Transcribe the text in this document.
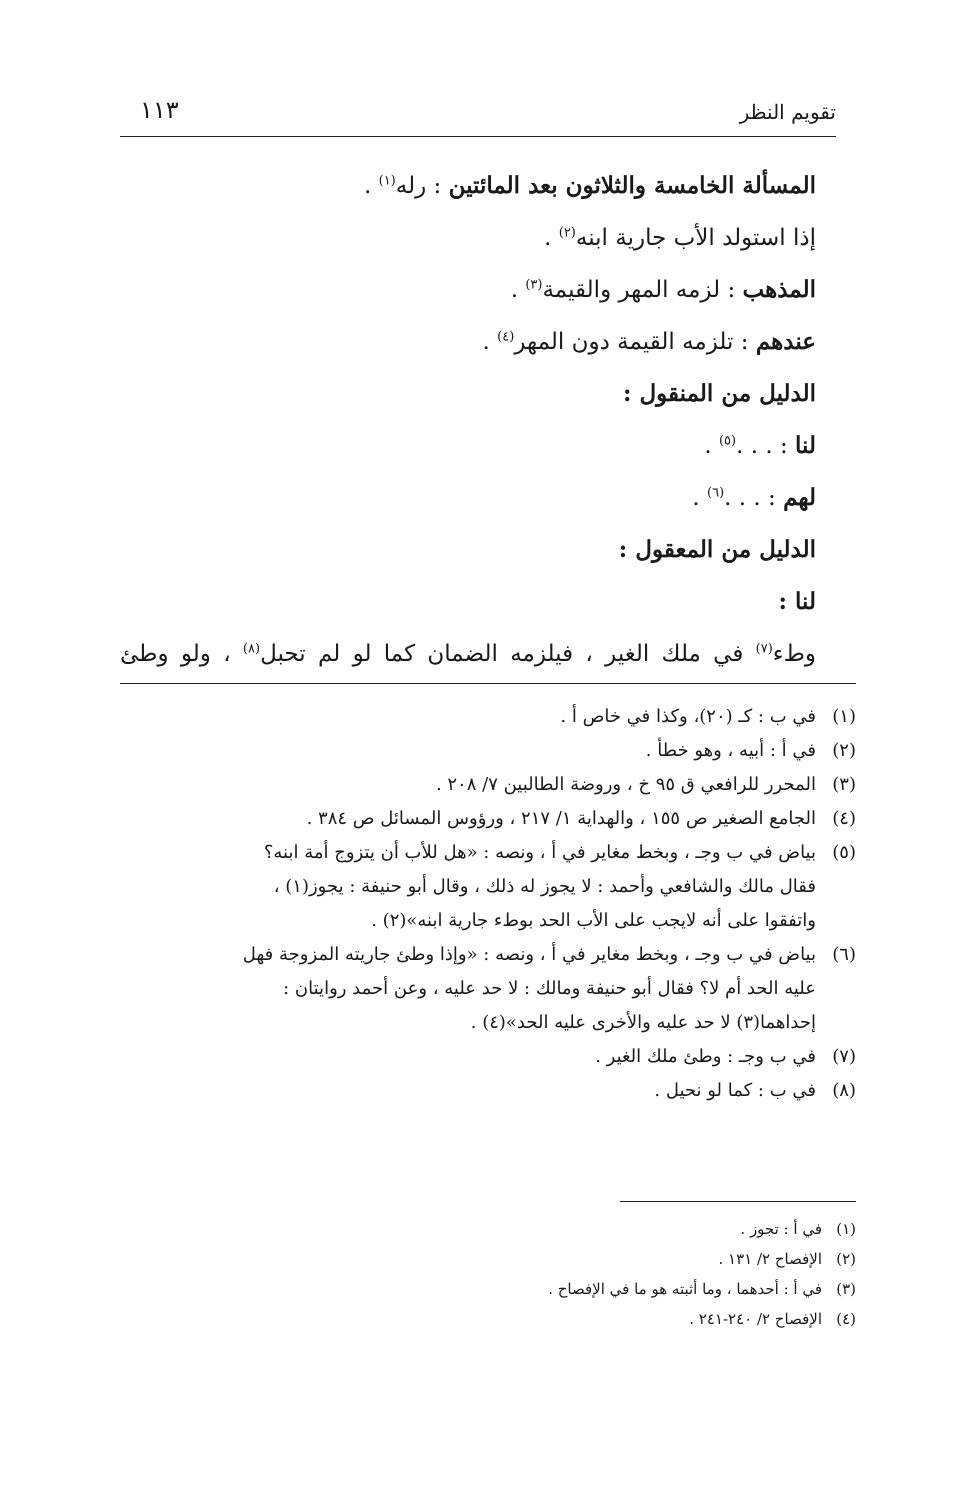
تقويم النظر
١١٣
المسألة الخامسة والثلاثون بعد المائتين : رله$^{(١)}$ .
إذا استولد الأب جارية ابنه$^{(٢)}$ .
المذهب : لزمه المهر والقيمة$^{(٣)}$ .
عندهم : تلزمه القيمة دون المهر$^{(٤)}$ .
الدليل من المنقول :
لنا : . . .$^{(٥)}$ .
لهم : . . .$^{(٦)}$ .
الدليل من المعقول :
لنا :
وطء$^{(٧)}$ في ملك الغير ، فيلزمه الضمان كما لو لم تحبل$^{(٨)}$ ، ولو وطئ
(١)
في ب : كـ (٢٠)، وكذا في خاص أ .
(٢)
في أ : أبيه ، وهو خطأ .
(٣)
المحرر للرافعي ق ٩٥ خ ، وروضة الطالبين ٧/ ٢٠٨ .
(٤)
الجامع الصغير ص ١٥٥ ، والهداية ١/ ٢١٧ ، ورؤوس المسائل ص ٣٨٤ .
(٥)
بياض في ب وجـ ، وبخط مغاير في أ ، ونصه : «هل للأب أن يتزوج أمة ابنه؟
فقال مالك والشافعي وأحمد : لا يجوز له ذلك ، وقال أبو حنيفة : يجوز(١) ،
واتفقوا على أنه لايجب على الأب الحد بوطء جارية ابنه»(٢) .
(٦)
بياض في ب وجـ ، وبخط مغاير في أ ، ونصه : «وإذا وطئ جاريته المزوجة فهل
عليه الحد أم لا؟ فقال أبو حنيفة ومالك : لا حد عليه ، وعن أحمد روايتان :
إحداهما(٣) لا حد عليه والأخرى عليه الحد»(٤) .
(٧)
في ب وجـ : وطئ ملك الغير .
(٨)
في ب : كما لو نحيل .
(١)
في أ : تجوز .
(٢)
الإفصاح ٢/ ١٣١ .
(٣)
في أ : أحدهما ، وما أثبته هو ما في الإفصاح .
(٤)
الإفصاح ٢/ ٢٤٠-٢٤١ .
